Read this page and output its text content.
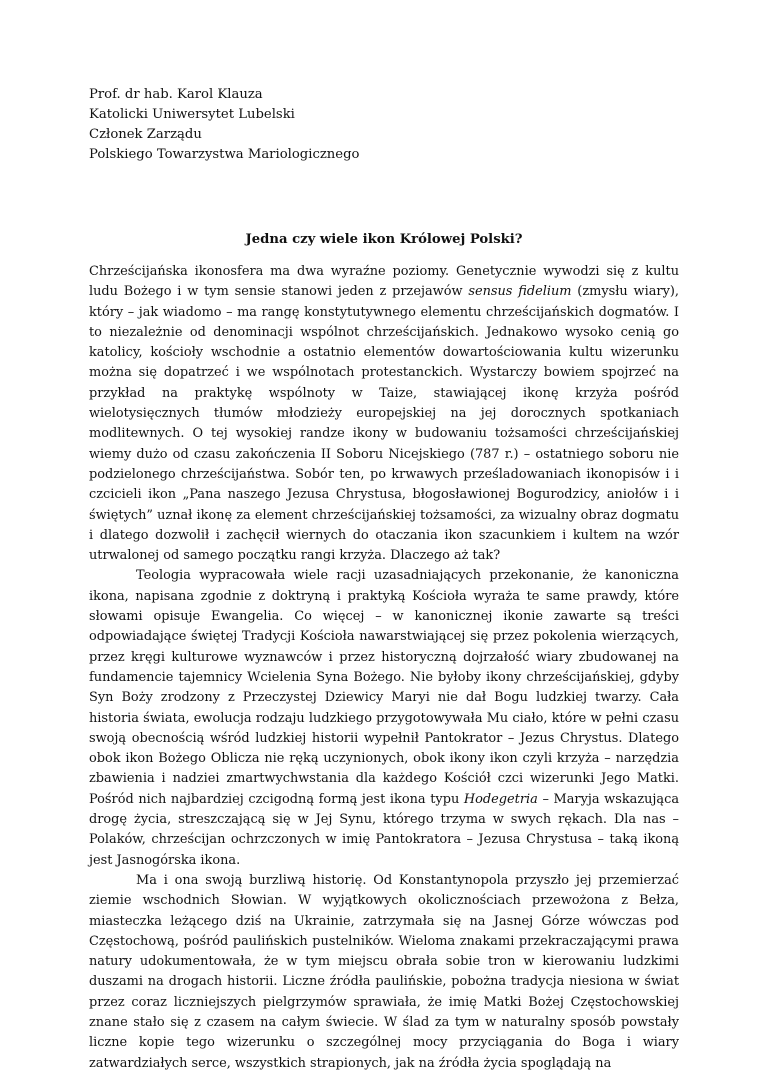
Prof. dr hab. Karol Klauza
Katolicki Uniwersytet Lubelski
Członek Zarządu
Polskiego Towarzystwa Mariologicznego
Jedna czy wiele ikon Królowej Polski?

Chrześcijańska ikonosfera ma dwa wyraźne poziomy. Genetycznie wywodzi się z kultu ludu Bożego i w tym sensie stanowi jeden z przejawów sensus fidelium (zmysłu wiary), który – jak wiadomo – ma rangę konstytutywnego elementu chrześcijańskich dogmatów. I to niezależnie od denominacji wspólnot chrześcijańskich. Jednakowo wysoko cenią go katolicy, kościoły wschodnie a ostatnio elementów dowartościowania kultu wizerunku można się dopatrzeć i we wspólnotach protestanckich. Wystarczy bowiem spojrzeć na przykład na praktykę wspólnoty w Taize, stawiającej ikonę krzyża pośród wielotysięcznych tłumów młodzieży europejskiej na jej dorocznych spotkaniach modlitewnych. O tej wysokiej randze ikony w budowaniu tożsamości chrześcijańskiej wiemy dużo od czasu zakończenia II Soboru Nicejskiego (787 r.) – ostatniego soboru nie podzielonego chrześcijaństwa. Sobór ten, po krwawych prześladowaniach ikonopisów i i czcicieli ikon „Pana naszego Jezusa Chrystusa, błogosławionej Bogurodzicy, aniołów i i świętych” uznał ikonę za element chrześcijańskiej tożsamości, za wizualny obraz dogmatu i dlatego dozwolił i zachęcił wiernych do otaczania ikon szacunkiem i kultem na wzór utrwalonej od samego początku rangi krzyża. Dlaczego aż tak?

Teologia wypracowała wiele racji uzasadniających przekonanie, że kanoniczna ikona, napisana zgodnie z doktryną i praktyką Kościoła wyraża te same prawdy, które słowami opisuje Ewangelia. Co więcej – w kanonicznej ikonie zawarte są treści odpowiadające świętej Tradycji Kościoła nawarstwiającej się przez pokolenia wierzących, przez kręgi kulturowe wyznawców i przez historyczną dojrzałość wiary zbudowanej na fundamencie tajemnicy Wcielenia Syna Bożego. Nie byłoby ikony chrześcijańskiej, gdyby Syn Boży zrodzony z Przeczystej Dziewicy Maryi nie dał Bogu ludzkiej twarzy. Cała historia świata, ewolucja rodzaju ludzkiego przygotowywała Mu ciało, które w pełni czasu swoją obecnością wśród ludzkiej historii wypełnił Pantokrator – Jezus Chrystus. Dlatego obok ikon Bożego Oblicza nie ręką uczynionych, obok ikony ikon czyli krzyża – narzędzia zbawienia i nadziei zmartwychwstania dla każdego Kościół czci wizerunki Jego Matki. Pośród nich najbardziej czcigodną formą jest ikona typu Hodegetria – Maryja wskazująca drogę życia, streszczającą się w Jej Synu, którego trzyma w swych rękach. Dla nas – Polaków, chrześcijan ochrzczonych w imię Pantokratora – Jezusa Chrystusa – taką ikoną jest Jasnogórska ikona.

Ma i ona swoją burzliwą historię. Od Konstantynopola przyszło jej przemierzać ziemie wschodnich Słowian. W wyjątkowych okolicznościach przewożona z Bełza, miasteczka leżącego dziś na Ukrainie, zatrzymała się na Jasnej Górze wówczas pod Częstochową, pośród paulińskich pustelników. Wieloma znakami przekraczającymi prawa natury udokumentowała, że w tym miejscu obrała sobie tron w kierowaniu ludzkimi duszami na drogach historii. Liczne źródła paulińskie, pobożna tradycja niesiona w świat przez coraz liczniejszych pielgrzymów sprawiała, że imię Matki Bożej Częstochowskiej znane stało się z czasem na całym świecie. W ślad za tym w naturalny sposób powstały liczne kopie tego wizerunku o szczególnej mocy przyciągania do Boga i wiary zatwardziałych serce, wszystkich strapionych, jak na źródła życia spoglądają na
